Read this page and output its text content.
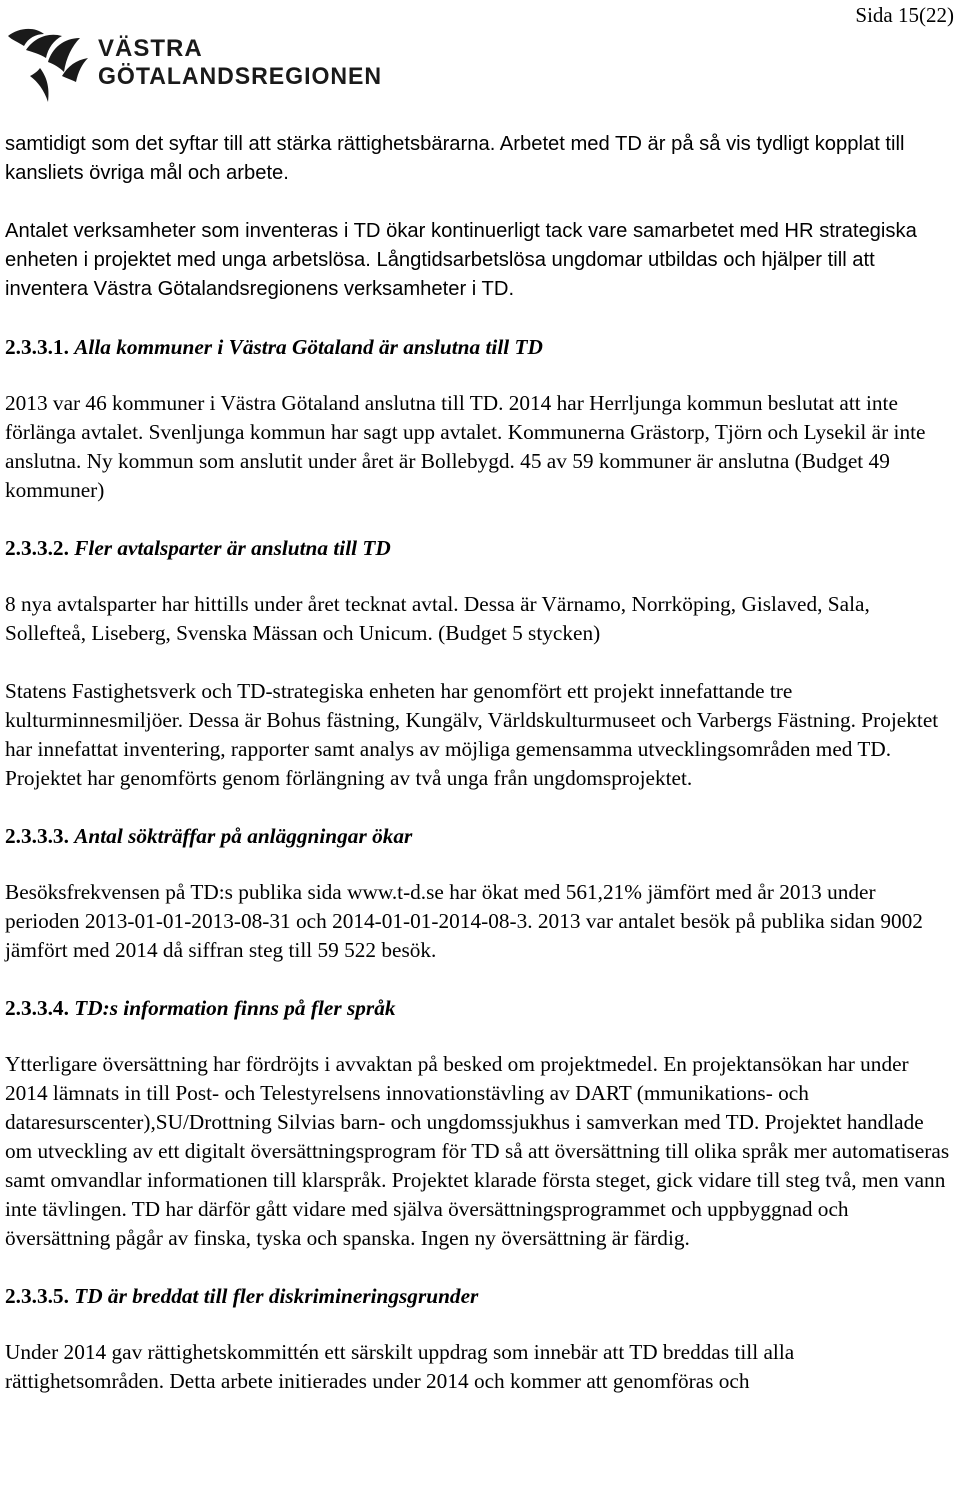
Sida 15(22)
VÄSTRA
GÖTALANDSREGIONEN

samtidigt som det syftar till att stärka rättighetsbärarna. Arbetet med TD är på så vis tydligt kopplat till kansliets övriga mål och arbete.

Antalet verksamheter som inventeras i TD ökar kontinuerligt tack vare samarbetet med HR strategiska enheten i projektet med unga arbetslösa. Långtidsarbetslösa ungdomar utbildas och hjälper till att inventera Västra Götalandsregionens verksamheter i TD.

2.3.3.1. Alla kommuner i Västra Götaland är anslutna till TD

2013 var 46 kommuner i Västra Götaland anslutna till TD. 2014 har Herrljunga kommun beslutat att inte förlänga avtalet. Svenljunga kommun har sagt upp avtalet. Kommunerna Grästorp, Tjörn och Lysekil är inte anslutna. Ny kommun som anslutit under året är Bollebygd. 45 av 59 kommuner är anslutna (Budget 49 kommuner)

2.3.3.2. Fler avtalsparter är anslutna till TD

8 nya avtalsparter har hittills under året tecknat avtal. Dessa är Värnamo, Norrköping, Gislaved, Sala, Sollefteå, Liseberg, Svenska Mässan och Unicum. (Budget 5 stycken)

Statens Fastighetsverk och TD-strategiska enheten har genomfört ett projekt innefattande tre kulturminnesmiljöer. Dessa är Bohus fästning, Kungälv, Världskulturmuseet och Varbergs Fästning. Projektet har innefattat inventering, rapporter samt analys av möjliga gemensamma utvecklingsområden med TD. Projektet har genomförts genom förlängning av två unga från ungdomsprojektet.

2.3.3.3. Antal sökträffar på anläggningar ökar

Besöksfrekvensen på TD:s publika sida www.t-d.se har ökat med 561,21% jämfört med år 2013 under perioden 2013-01-01-2013-08-31 och 2014-01-01-2014-08-3. 2013 var antalet besök på publika sidan 9002 jämfört med 2014 då siffran steg till 59 522 besök.

2.3.3.4. TD:s information finns på fler språk

Ytterligare översättning har fördröjts i avvaktan på besked om projektmedel. En projektansökan har under 2014 lämnats in till Post- och Telestyrelsens innovationstävling av DART (mmunikations- och dataresurscenter),SU/Drottning Silvias barn- och ungdomssjukhus i samverkan med TD. Projektet handlade om utveckling av ett digitalt översättningsprogram för TD så att översättning till olika språk mer automatiseras samt omvandlar informationen till klarspråk. Projektet klarade första steget, gick vidare till steg två, men vann inte tävlingen. TD har därför gått vidare med själva översättningsprogrammet och uppbyggnad och översättning pågår av finska, tyska och spanska. Ingen ny översättning är färdig.

2.3.3.5. TD är breddat till fler diskrimineringsgrunder

Under 2014 gav rättighetskommittén ett särskilt uppdrag som innebär att TD breddas till alla rättighetsområden. Detta arbete initierades under 2014 och kommer att genomföras och
